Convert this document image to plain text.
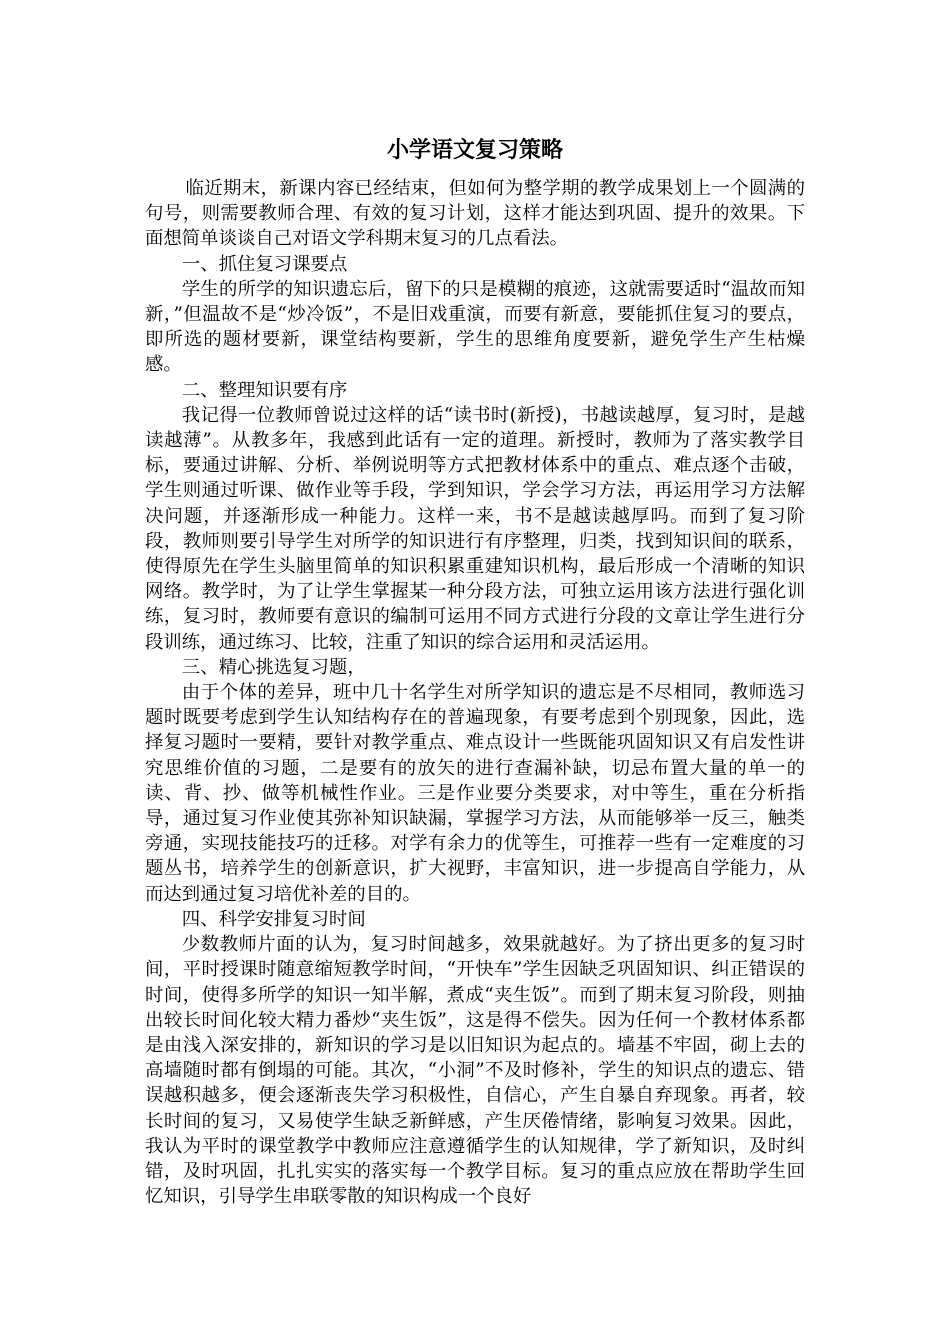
小学语文复习策略

临近期末，新课内容已经结束，但如何为整学期的教学成果划上一个圆满的句号，则需要教师合理、有效的复习计划，这样才能达到巩固、提升的效果。下面想简单谈谈自己对语文学科期末复习的几点看法。

一、抓住复习课要点

学生的所学的知识遗忘后，留下的只是模糊的痕迹，这就需要适时“温故而知新，”但温故不是“炒冷饭”，不是旧戏重演，而要有新意，要能抓住复习的要点，即所选的题材要新，课堂结构要新，学生的思维角度要新，避免学生产生枯燥感。

二、整理知识要有序

我记得一位教师曾说过这样的话“读书时(新授)，书越读越厚，复习时，是越读越薄”。从教多年，我感到此话有一定的道理。新授时，教师为了落实教学目标，要通过讲解、分析、举例说明等方式把教材体系中的重点、难点逐个击破，学生则通过听课、做作业等手段，学到知识，学会学习方法，再运用学习方法解决问题，并逐渐形成一种能力。这样一来，书不是越读越厚吗。而到了复习阶段，教师则要引导学生对所学的知识进行有序整理，归类，找到知识间的联系，使得原先在学生头脑里简单的知识积累重建知识机构，最后形成一个清晰的知识网络。教学时，为了让学生掌握某一种分段方法，可独立运用该方法进行强化训练，复习时，教师要有意识的编制可运用不同方式进行分段的文章让学生进行分段训练，通过练习、比较，注重了知识的综合运用和灵活运用。

三、精心挑选复习题，

由于个体的差异，班中几十名学生对所学知识的遗忘是不尽相同，教师选习题时既要考虑到学生认知结构存在的普遍现象，有要考虑到个别现象，因此，选择复习题时一要精，要针对教学重点、难点设计一些既能巩固知识又有启发性讲究思维价值的习题，二是要有的放矢的进行查漏补缺，切忌布置大量的单一的读、背、抄、做等机械性作业。三是作业要分类要求，对中等生，重在分析指导，通过复习作业使其弥补知识缺漏，掌握学习方法，从而能够举一反三，触类旁通，实现技能技巧的迁移。对学有余力的优等生，可推荐一些有一定难度的习题丛书，培养学生的创新意识，扩大视野，丰富知识，进一步提高自学能力，从而达到通过复习培优补差的目的。

四、科学安排复习时间

少数教师片面的认为，复习时间越多，效果就越好。为了挤出更多的复习时间，平时授课时随意缩短教学时间，“开快车”学生因缺乏巩固知识、纠正错误的时间，使得多所学的知识一知半解，煮成“夹生饭”。而到了期末复习阶段，则抽出较长时间化较大精力番炒“夹生饭”，这是得不偿失。因为任何一个教材体系都是由浅入深安排的，新知识的学习是以旧知识为起点的。墙基不牢固，砌上去的高墙随时都有倒塌的可能。其次，“小洞”不及时修补，学生的知识点的遗忘、错误越积越多，便会逐渐丧失学习积极性，自信心，产生自暴自弃现象。再者，较长时间的复习，又易使学生缺乏新鲜感，产生厌倦情绪，影响复习效果。因此，我认为平时的课堂教学中教师应注意遵循学生的认知规律，学了新知识，及时纠错，及时巩固，扎扎实实的落实每一个教学目标。复习的重点应放在帮助学生回忆知识，引导学生串联零散的知识构成一个良好
